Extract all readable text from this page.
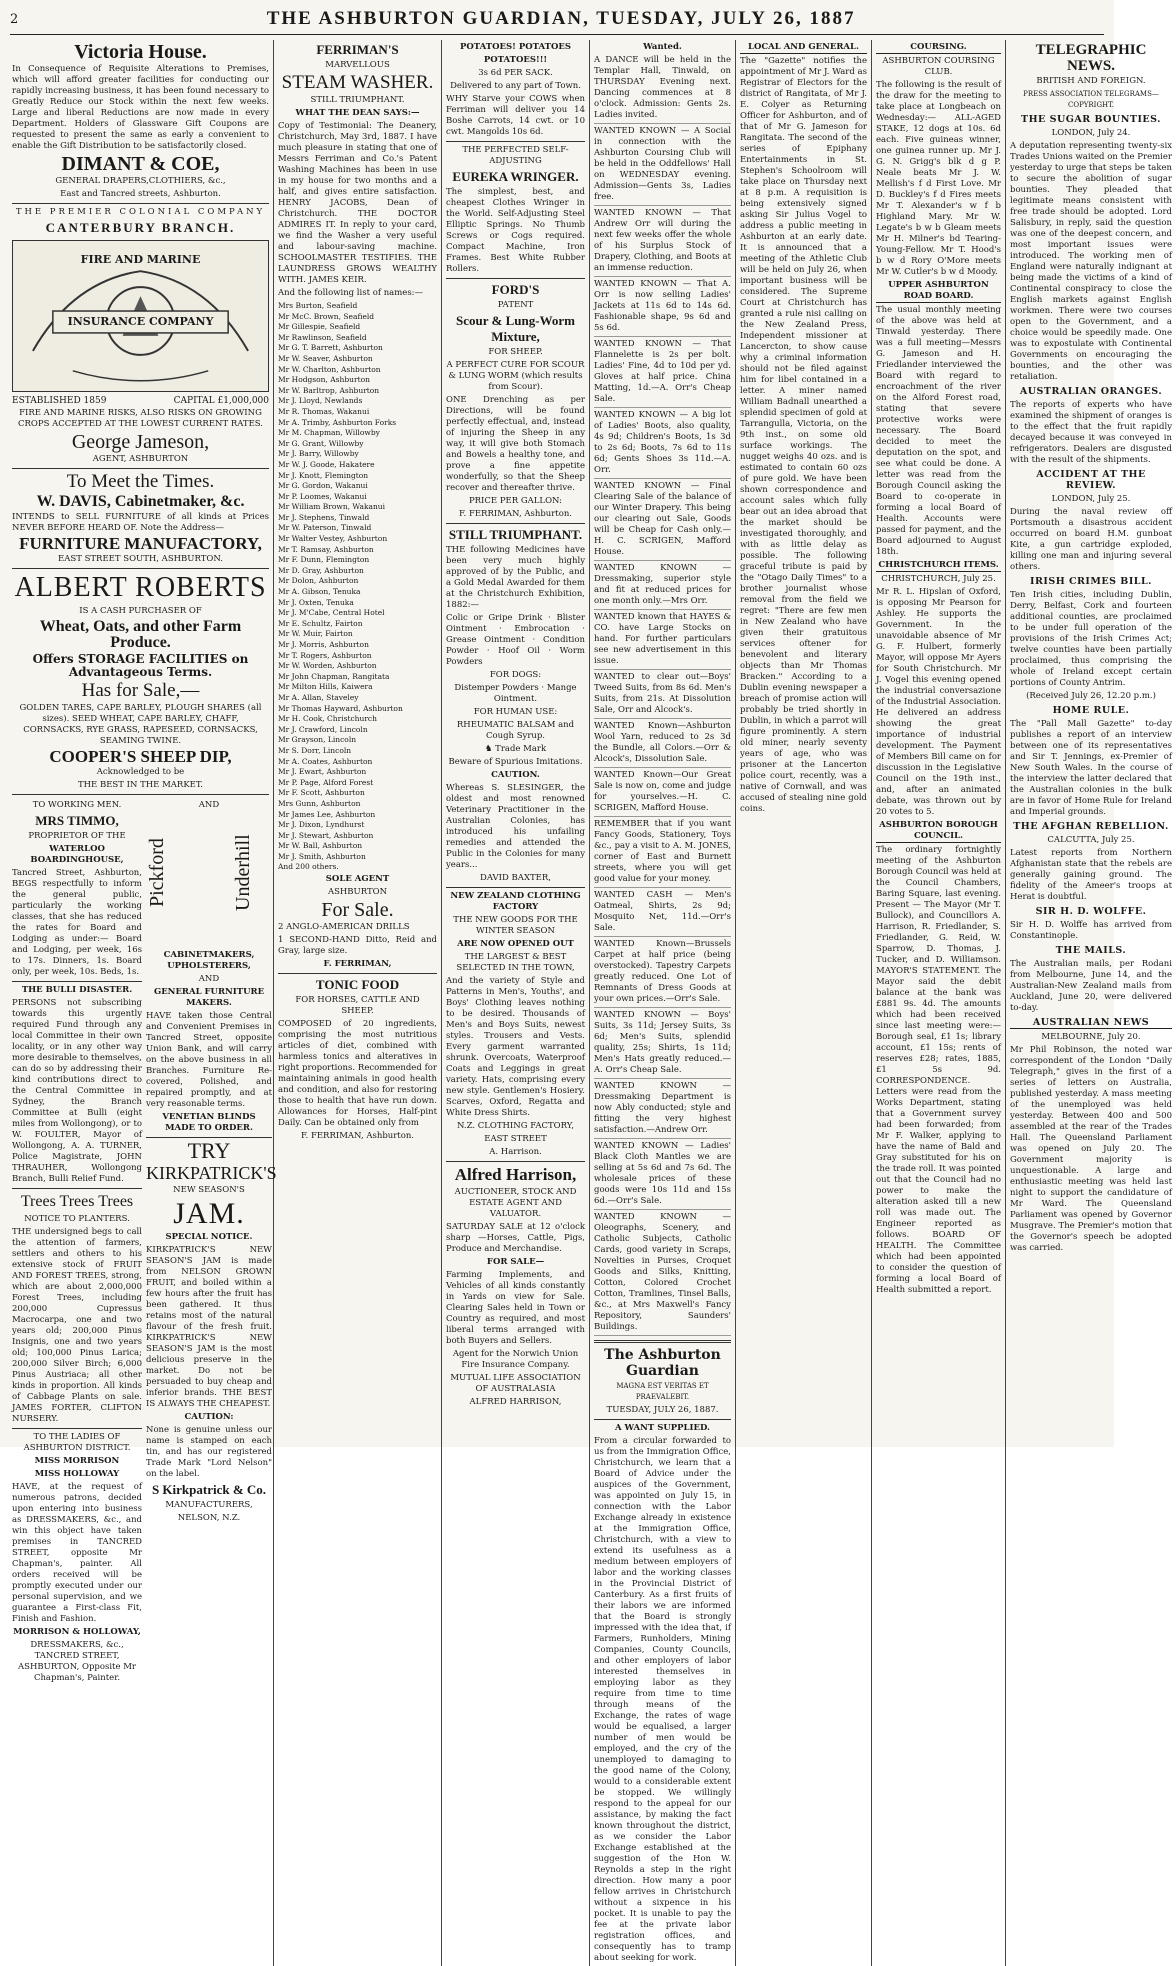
2	THE ASHBURTON GUARDIAN, TUESDAY, JULY 26, 1887
Victoria House.
In Consequence of Requisite Alterations to Premises, which will afford greater facilities for conducting our rapidly increasing business, it has been found necessary to Greatly Reduce our Stock within the next few weeks. Large and liberal Reductions are now made in every Department. Holders of Glassware Gift Coupons are requested to present the same as early a convenient to enable the Gift Distribution to be satisfactorily closed.
DIMANT & COE,
GENERAL DRAPERS,CLOTHIERS, &c.,
East and Tancred streets, Ashburton.
THE PREMIER COLONIAL COMPANY
CANTERBURY BRANCH.
FIRE AND MARINE
INSURANCE COMPANY
ESTABLISHED 1859	CAPITAL £1,000,000
FIRE AND MARINE RISKS, ALSO RISKS ON GROWING CROPS ACCEPTED AT THE LOWEST CURRENT RATES.
George Jameson,
AGENT, ASHBURTON
To Meet the Times.
W. DAVIS, Cabinetmaker, &c.
INTENDS to SELL FURNITURE of all kinds at Prices NEVER BEFORE HEARD OF. Note the Address—
FURNITURE MANUFACTORY,
EAST STREET SOUTH, ASHBURTON.
ALBERT ROBERTS
IS A CASH PURCHASER OF
Wheat, Oats, and other Farm Produce.
Offers STORAGE FACILITIES on Advantageous Terms.
Has for Sale,—
GOLDEN TARES, CAPE BARLEY, PLOUGH SHARES (all sizes). SEED WHEAT, CAPE BARLEY, CHAFF, CORNSACKS, RYE GRASS, RAPESEED, CORNSACKS, SEAMING TWINE.
COOPER'S SHEEP DIP,
Acknowledged to be
THE BEST IN THE MARKET.
TO WORKING MEN.
MRS TIMMO,
PROPRIETOR OF THE
WATERLOO BOARDINGHOUSE,
Tancred Street, Ashburton, BEGS respectfully to inform the general public, particularly the working classes, that she has reduced the rates for Board and Lodging as under:— Board and Lodging, per week, 16s to 17s. Dinners, 1s. Board only, per week, 10s. Beds, 1s.
THE BULLI DISASTER.
PERSONS not subscribing towards this urgently required Fund through any local Committee in their own locality, or in any other way more desirable to themselves, can do so by addressing their kind contributions direct to the Central Committee in Sydney, the Branch Committee at Bulli (eight miles from Wollongong), or to W. FOULTER, Mayor of Wollongong, A. A. TURNER, Police Magistrate, JOHN THRAUHER, Wollongong Branch, Bulli Relief Fund.
Trees Trees Trees
NOTICE TO PLANTERS.
THE undersigned begs to call the attention of farmers, settlers and others to his extensive stock of FRUIT AND FOREST TREES, strong, which are about 2,000,000 Forest Trees, including 200,000 Cupressus Macrocarpa, one and two years old; 200,000 Pinus Insignis, one and two years old; 100,000 Pinus Larica; 200,000 Silver Birch; 6,000 Pinus Austriaca; all other kinds in proportion. All kinds of Cabbage Plants on sale. JAMES FORTER, CLIFTON NURSERY.
TO THE LADIES OF ASHBURTON DISTRICT.
MISS MORRISON
MISS HOLLOWAY
HAVE, at the request of numerous patrons, decided upon entering into business as DRESSMAKERS, &c., and win this object have taken premises in TANCRED STREET, opposite Mr Chapman's, painter. All orders received will be promptly executed under our personal supervision, and we guarantee a First-class Fit, Finish and Fashion.
MORRISON & HOLLOWAY,
DRESSMAKERS, &c., TANCRED STREET, ASHBURTON, Opposite Mr Chapman's, Painter.
Pickford
AND
Underhill
CABINETMAKERS, UPHOLSTERERS,
AND
GENERAL FURNITURE MAKERS.
HAVE taken those Central and Convenient Premises in Tancred Street, opposite Union Bank, and will carry on the above business in all Branches. Furniture Re-covered, Polished, and repaired promptly, and at very reasonable terms.
VENETIAN BLINDS MADE TO ORDER.
TRY
KIRKPATRICK'S
NEW SEASON'S
JAM.
SPECIAL NOTICE.
KIRKPATRICK'S NEW SEASON'S JAM is made from NELSON GROWN FRUIT, and boiled within a few hours after the fruit has been gathered. It thus retains most of the natural flavour of the fresh fruit. KIRKPATRICK'S NEW SEASON'S JAM is the most delicious preserve in the market. Do not be persuaded to buy cheap and inferior brands. THE BEST IS ALWAYS THE CHEAPEST.
CAUTION:
None is genuine unless our name is stamped on each tin, and has our registered Trade Mark "Lord Nelson" on the label.
S Kirkpatrick & Co.
MANUFACTURERS,
NELSON, N.Z.
FERRIMAN'S
MARVELLOUS
STEAM WASHER.
STILL TRIUMPHANT.
WHAT THE DEAN SAYS:—
Copy of Testimonial: The Deanery, Christchurch, May 3rd, 1887. I have much pleasure in stating that one of Messrs Ferriman and Co.'s Patent Washing Machines has been in use in my house for two months and a half, and gives entire satisfaction. HENRY JACOBS, Dean of Christchurch. THE DOCTOR ADMIRES IT. In reply to your card, we find the Washer a very useful and labour-saving machine. SCHOOLMASTER TESTIFIES. THE LAUNDRESS GROWS WEALTHY WITH. JAMES KEIR.
And the following list of names:—
Mrs Burton, Seafield
Mr McC. Brown, Seafield
Mr Gillespie, Seafield
Mr Rawlinson, Seafield
Mr G. T. Barrett, Ashburton
Mr W. Seaver, Ashburton
Mr W. Charlton, Ashburton
Mr Hodgson, Ashburton
Mr W. Barltrop, Ashburton
Mr J. Lloyd, Newlands
Mr R. Thomas, Wakanui
Mr A. Trimby, Ashburton Forks
Mr M. Chapman, Willowby
Mr G. Grant, Willowby
Mr J. Barry, Willowby
Mr W. J. Goode, Hakatere
Mr J. Knott, Flemington
Mr G. Gordon, Wakanui
Mr P. Loomes, Wakanui
Mr William Brown, Wakanui
Mr J. Stephens, Tinwald
Mr W. Paterson, Tinwald
Mr Walter Vestey, Ashburton
Mr T. Ramsay, Ashburton
Mr F. Dunn, Flemington
Mr D. Gray, Ashburton
Mr Dolon, Ashburton
Mr A. Gibson, Tenuka
Mr J. Oxten, Tenuka
Mr J. M'Cabe, Central Hotel
Mr E. Schultz, Fairton
Mr W. Muir, Fairton
Mr J. Morris, Ashburton
Mr T. Rogers, Ashburton
Mr W. Worden, Ashburton
Mr John Chapman, Rangitata
Mr Milton Hills, Kaiwera
Mr A. Allan, Staveley
Mr Thomas Hayward, Ashburton
Mr H. Cook, Christchurch
Mr J. Crawford, Lincoln
Mr Grayson, Lincoln
Mr S. Dorr, Lincoln
Mr A. Coates, Ashburton
Mr J. Ewart, Ashburton
Mr P. Page, Alford Forest
Mr F. Scott, Ashburton
Mrs Gunn, Ashburton
Mr James Lee, Ashburton
Mr J. Dixon, Lyndhurst
Mr J. Stewart, Ashburton
Mr W. Ball, Ashburton
Mr J. Smith, Ashburton
And 200 others.
SOLE AGENT
ASHBURTON
For Sale.
2 ANGLO-AMERICAN DRILLS
1 SECOND-HAND Ditto, Reid and Gray, large size.
F. FERRIMAN,
TONIC FOOD
FOR HORSES, CATTLE AND SHEEP.
COMPOSED of 20 ingredients, comprising the most nutritious articles of diet, combined with harmless tonics and alteratives in right proportions. Recommended for maintaining animals in good health and condition, and also for restoring those to health that have run down. Allowances for Horses, Half-pint Daily. Can be obtained only from
F. FERRIMAN, Ashburton.
POTATOES! POTATOES
POTATOES!!!
3s 6d PER SACK.
Delivered to any part of Town.
WHY Starve your COWS when Ferriman will deliver you 14 Boshe Carrots, 14 cwt. or 10 cwt. Mangolds 10s 6d.
THE PERFECTED SELF-ADJUSTING
EUREKA WRINGER.
The simplest, best, and cheapest Clothes Wringer in the World. Self-Adjusting Steel Elliptic Springs. No Thumb Screws or Cogs required. Compact Machine, Iron Frames. Best White Rubber Rollers.
FORD'S
PATENT
Scour & Lung-Worm Mixture,
FOR SHEEP.
A PERFECT CURE FOR SCOUR & LUNG WORM (which results from Scour).
ONE Drenching as per Directions, will be found perfectly effectual, and, instead of injuring the Sheep in any way, it will give both Stomach and Bowels a healthy tone, and prove a fine appetite wonderfully, so that the Sheep recover and thereafter thrive.
PRICE PER GALLON:
F. FERRIMAN, Ashburton.
STILL TRIUMPHANT.
THE following Medicines have been very much highly approved of by the Public, and a Gold Medal Awarded for them at the Christchurch Exhibition, 1882:—
Colic or Gripe Drink · Blister Ointment · Embrocation · Grease Ointment · Condition Powder · Hoof Oil · Worm Powders
FOR DOGS:
Distemper Powders · Mange Ointment.
FOR HUMAN USE:
RHEUMATIC BALSAM and Cough Syrup.
♞ Trade Mark
Beware of Spurious Imitations.
CAUTION.
Whereas S. SLESINGER, the oldest and most renowned Veterinary Practitioner in the Australian Colonies, has introduced his unfailing remedies and attended the Public in the Colonies for many years...
DAVID BAXTER,
NEW ZEALAND CLOTHING FACTORY
THE NEW GOODS FOR THE WINTER SEASON
ARE NOW OPENED OUT
THE LARGEST & BEST SELECTED IN THE TOWN,
And the variety of Style and Patterns in Men's, Youths', and Boys' Clothing leaves nothing to be desired. Thousands of Men's and Boys Suits, newest styles. Trousers and Vests. Every garment warranted shrunk. Overcoats, Waterproof Coats and Leggings in great variety. Hats, comprising every new style. Gentlemen's Hosiery. Scarves, Oxford, Regatta and White Dress Shirts.
N.Z. CLOTHING FACTORY,
EAST STREET
A. Harrison.
Alfred Harrison,
AUCTIONEER, STOCK AND ESTATE AGENT AND VALUATOR.
SATURDAY SALE at 12 o'clock sharp —Horses, Cattle, Pigs, Produce and Merchandise.
FOR SALE—
Farming Implements, and Vehicles of all kinds constantly in Yards on view for Sale. Clearing Sales held in Town or Country as required, and most liberal terms arranged with both Buyers and Sellers.
Agent for the Norwich Union Fire Insurance Company.
MUTUAL LIFE ASSOCIATION OF AUSTRALASIA
ALFRED HARRISON,
Wanted.
A DANCE will be held in the Templar Hall, Tinwald, on THURSDAY Evening next. Dancing commences at 8 o'clock. Admission: Gents 2s. Ladies invited.
WANTED KNOWN — A Social in connection with the Ashburton Coursing Club will be held in the Oddfellows' Hall on WEDNESDAY evening. Admission—Gents 3s, Ladies free.
WANTED KNOWN — That Andrew Orr will during the next few weeks offer the whole of his Surplus Stock of Drapery, Clothing, and Boots at an immense reduction.
WANTED KNOWN — That A. Orr is now selling Ladies' Jackets at 11s 6d to 14s 6d. Fashionable shape, 9s 6d and 5s 6d.
WANTED KNOWN — That Flannelette is 2s per bolt. Ladies' Fine, 4d to 10d per yd. Gloves at half price. China Matting, 1d.—A. Orr's Cheap Sale.
WANTED KNOWN — A big lot of Ladies' Boots, also quality, 4s 9d; Children's Boots, 1s 3d to 2s 6d; Boots, 7s 6d to 11s 6d; Gents Shoes 3s 11d.—A. Orr.
WANTED KNOWN — Final Clearing Sale of the balance of our Winter Drapery. This being our clearing out Sale, Goods will be Cheap for Cash only.—H. C. SCRIGEN, Mafford House.
WANTED KNOWN — Dressmaking, superior style and fit at reduced prices for one month only.—Mrs Orr.
WANTED known that HAYES & CO. have Large Stocks on hand. For further particulars see new advertisement in this issue.
WANTED to clear out—Boys' Tweed Suits, from 8s 6d. Men's Suits, from 21s. At Dissolution Sale, Orr and Alcock's.
WANTED Known—Ashburton Wool Yarn, reduced to 2s 3d the Bundle, all Colors.—Orr & Alcock's, Dissolution Sale.
WANTED Known—Our Great Sale is now on, come and judge for yourselves.—H. C. SCRIGEN, Mafford House.
REMEMBER that if you want Fancy Goods, Stationery, Toys &c., pay a visit to A. M. JONES, corner of East and Burnett streets, where you will get good value for your money.
WANTED CASH — Men's Oatmeal, Shirts, 2s 9d; Mosquito Net, 11d.—Orr's Sale.
WANTED Known—Brussels Carpet at half price (being overstocked). Tapestry Carpets greatly reduced. One Lot of Remnants of Dress Goods at your own prices.—Orr's Sale.
WANTED KNOWN — Boys' Suits, 3s 11d; Jersey Suits, 3s 6d; Men's Suits, splendid quality, 25s; Shirts, 1s 11d; Men's Hats greatly reduced.—A. Orr's Cheap Sale.
WANTED KNOWN — Dressmaking Department is now Ably conducted; style and fitting the very highest satisfaction.—Andrew Orr.
WANTED KNOWN — Ladies' Black Cloth Mantles we are selling at 5s 6d and 7s 6d. The wholesale prices of these goods were 10s 11d and 15s 6d.—Orr's Sale.
WANTED KNOWN — Oleographs, Scenery, and Catholic Subjects, Catholic Cards, good variety in Scraps, Novelties in Purses, Croquet Goods and Silks, Knitting, Cotton, Colored Crochet Cotton, Tramlines, Tinsel Balls, &c., at Mrs Maxwell's Fancy Repository, Saunders' Buildings.
The Ashburton Guardian
MAGNA EST VERITAS ET PRAEVALEBIT.
TUESDAY, JULY 26, 1887.
A WANT SUPPLIED.
From a circular forwarded to us from the Immigration Office, Christchurch, we learn that a Board of Advice under the auspices of the Government, was appointed on July 15, in connection with the Labor Exchange already in existence at the Immigration Office, Christchurch, with a view to extend its usefulness as a medium between employers of labor and the working classes in the Provincial District of Canterbury. As a first fruits of their labors we are informed that the Board is strongly impressed with the idea that, if Farmers, Runholders, Mining Companies, County Councils, and other employers of labor interested themselves in employing labor as they require from time to time through means of the Exchange, the rates of wage would be equalised, a larger number of men would be employed, and the cry of the unemployed to damaging to the good name of the Colony, would to a considerable extent be stopped. We willingly respond to the appeal for our assistance, by making the fact known throughout the district, as we consider the Labor Exchange established at the suggestion of the Hon W. Reynolds a step in the right direction. How many a poor fellow arrives in Christchurch without a sixpence in his pocket. It is unable to pay the fee at the private labor registration offices, and consequently has to tramp about seeking for work.
LOCAL AND GENERAL.
The "Gazette" notifies the appointment of Mr J. Ward as Registrar of Electors for the district of Rangitata, of Mr J. E. Colyer as Returning Officer for Ashburton, and of that of Mr G. Jameson for Rangitata. The second of the series of Epiphany Entertainments in St. Stephen's Schoolroom will take place on Thursday next at 8 p.m. A requisition is being extensively signed asking Sir Julius Vogel to address a public meeting in Ashburton at an early date. It is announced that a meeting of the Athletic Club will be held on July 26, when important business will be considered. The Supreme Court at Christchurch has granted a rule nisi calling on the New Zealand Press, Independent missioner at Lancercton, to show cause why a criminal information should not be filed against him for libel contained in a letter. A miner named William Badnall unearthed a splendid specimen of gold at Tarrangulla, Victoria, on the 9th inst., on some old surface workings. The nugget weighs 40 ozs. and is estimated to contain 60 ozs of pure gold. We have been shown correspondence and account sales which fully bear out an idea abroad that the market should be investigated thoroughly, and with as little delay as possible. The following graceful tribute is paid by the "Otago Daily Times" to a brother journalist whose removal from the field we regret: "There are few men in New Zealand who have given their gratuitous services oftener for benevolent and literary objects than Mr Thomas Bracken." According to a Dublin evening newspaper a breach of promise action will probably be tried shortly in Dublin, in which a parrot will figure prominently. A stern old miner, nearly seventy years of age, who was prisoner at the Lancerton police court, recently, was a native of Cornwall, and was accused of stealing nine gold coins.
COURSING.
ASHBURTON COURSING CLUB.
The following is the result of the draw for the meeting to take place at Longbeach on Wednesday:— ALL-AGED STAKE, 12 dogs at 10s. 6d each. Five guineas winner, one guinea runner up. Mr J. G. N. Grigg's blk d g P. Neale beats Mr J. W. Mellish's f d First Love. Mr D. Buckley's f d Fires meets Mr T. Alexander's w f b Highland Mary. Mr W. Legate's b w b Gleam meets Mr H. Milner's bd Tearing-Young-Fellow. Mr T. Hood's b w d Rory O'More meets Mr W. Cutler's b w d Moody.
UPPER ASHBURTON ROAD BOARD.
The usual monthly meeting of the above was held at Tinwald yesterday. There was a full meeting—Messrs G. Jameson and H. Friedlander interviewed the Board with regard to encroachment of the river on the Alford Forest road, stating that severe protective works were necessary. The Board decided to meet the deputation on the spot, and see what could be done. A letter was read from the Borough Council asking the Board to co-operate in forming a local Board of Health. Accounts were passed for payment, and the Board adjourned to August 18th.
CHRISTCHURCH ITEMS.
CHRISTCHURCH, July 25.
Mr R. L. Hipslan of Oxford, is opposing Mr Pearson for Ashley. He supports the Government. In the unavoidable absence of Mr G. F. Hulbert, formerly Mayor, will oppose Mr Ayers for South Christchurch. Mr J. Vogel this evening opened the industrial conversazione of the Industrial Association. He delivered an address showing the great importance of industrial development. The Payment of Members Bill came on for discussion in the Legislative Council on the 19th inst., and, after an animated debate, was thrown out by 20 votes to 5.
ASHBURTON BOROUGH COUNCIL.
The ordinary fortnightly meeting of the Ashburton Borough Council was held at the Council Chambers, Baring Square, last evening. Present — The Mayor (Mr T. Bullock), and Councillors A. Harrison, R. Friedlander, S. Friedlander, G. Reid, W. Sparrow, D. Thomas, J. Tucker, and D. Williamson. MAYOR'S STATEMENT. The Mayor said the debit balance at the bank was £881 9s. 4d. The amounts which had been received since last meeting were:—Borough seal, £1 1s; library account, £1 15s; rents of reserves £28; rates, 1885, £1 5s 9d. CORRESPONDENCE. Letters were read from the Works Department, stating that a Government survey had been forwarded; from Mr F. Walker, applying to have the name of Bald and Gray substituted for his on the trade roll. It was pointed out that the Council had no power to make the alteration asked till a new roll was made out. The Engineer reported as follows. BOARD OF HEALTH. The Committee which had been appointed to consider the question of forming a local Board of Health submitted a report.
TELEGRAPHIC NEWS.
BRITISH AND FOREIGN.
PRESS ASSOCIATION TELEGRAMS—COPYRIGHT.
THE SUGAR BOUNTIES.
LONDON, July 24.
A deputation representing twenty-six Trades Unions waited on the Premier yesterday to urge that steps be taken to secure the abolition of sugar bounties. They pleaded that legitimate means consistent with free trade should be adopted. Lord Salisbury, in reply, said the question was one of the deepest concern, and most important issues were introduced. The working men of England were naturally indignant at being made the victims of a kind of Continental conspiracy to close the English markets against English workmen. There were two courses open to the Government, and a choice would be speedily made. One was to expostulate with Continental Governments on encouraging the bounties, and the other was retaliation.
AUSTRALIAN ORANGES.
The reports of experts who have examined the shipment of oranges is to the effect that the fruit rapidly decayed because it was conveyed in refrigerators. Dealers are disgusted with the result of the shipments.
ACCIDENT AT THE REVIEW.
LONDON, July 25.
During the naval review off Portsmouth a disastrous accident occurred on board H.M. gunboat Kite, a gun cartridge exploded, killing one man and injuring several others.
IRISH CRIMES BILL.
Ten Irish cities, including Dublin, Derry, Belfast, Cork and fourteen additional counties, are proclaimed to be under full operation of the provisions of the Irish Crimes Act; twelve counties have been partially proclaimed, thus comprising the whole of Ireland except certain portions of County Antrim.
(Received July 26, 12.20 p.m.)
HOME RULE.
The "Pall Mall Gazette" to-day publishes a report of an interview between one of its representatives and Sir T. Jennings, ex-Premier of New South Wales. In the course of the interview the latter declared that the Australian colonies in the bulk are in favor of Home Rule for Ireland and Imperial grounds.
THE AFGHAN REBELLION.
CALCUTTA, July 25.
Latest reports from Northern Afghanistan state that the rebels are generally gaining ground. The fidelity of the Ameer's troops at Herat is doubtful.
SIR H. D. WOLFFE.
Sir H. D. Wolffe has arrived from Constantinople.
THE MAILS.
The Australian mails, per Rodani from Melbourne, June 14, and the Australian-New Zealand mails from Auckland, June 20, were delivered to-day.
AUSTRALIAN NEWS
MELBOURNE, July 20.
Mr Phil Robinson, the noted war correspondent of the London "Daily Telegraph," gives in the first of a series of letters on Australia, published yesterday. A mass meeting of the unemployed was held yesterday. Between 400 and 500 assembled at the rear of the Trades Hall. The Queensland Parliament was opened on July 20. The Government majority is unquestionable. A large and enthusiastic meeting was held last night to support the candidature of Mr Ward. The Queensland Parliament was opened by Governor Musgrave. The Premier's motion that the Governor's speech be adopted was carried.
